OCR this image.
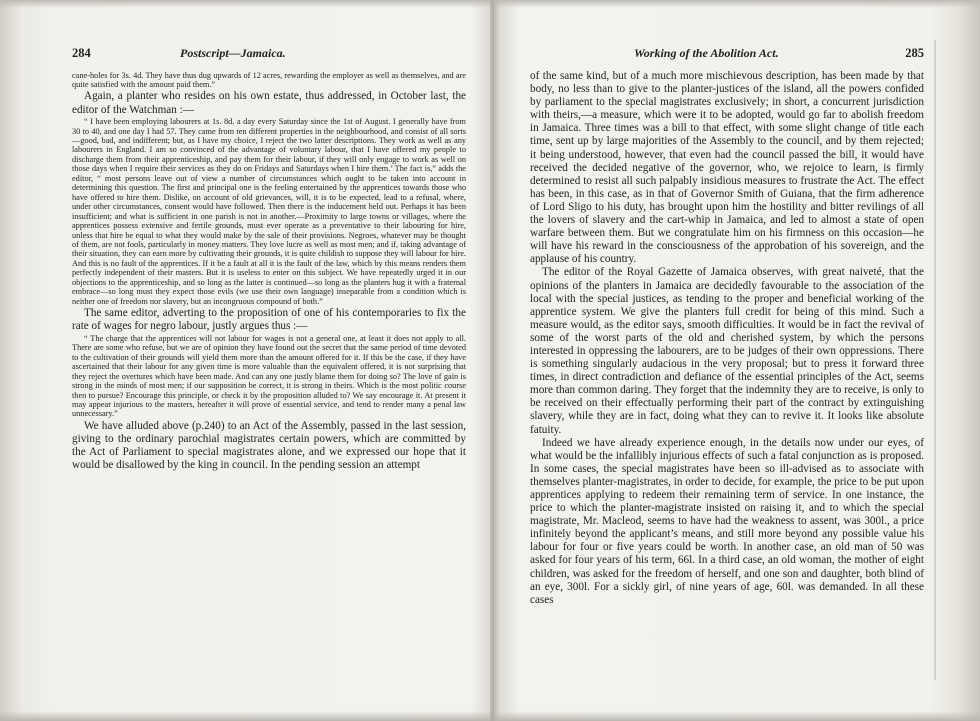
284	Postscript—Jamaica.	Working of the Abolition Act.	285

cane-holes for 3s. 4d. They have thus dug upwards of 12 acres, rewarding the employer as well as themselves, and are quite satisfied with the amount paid them.”

Again, a planter who resides on his own estate, thus addressed, in October last, the editor of the Watchman :—

“ I have been employing labourers at 1s. 8d. a day every Saturday since the 1st of August. I generally have from 30 to 40, and one day I had 57. They came from ten different properties in the neighbourhood, and consist of all sorts—good, bad, and indifferent; but, as I have my choice, I reject the two latter descriptions. They work as well as any labourers in England. I am so convinced of the advantage of voluntary labour, that I have offered my people to discharge them from their apprenticeship, and pay them for their labour, if they will only engage to work as well on those days when I require their services as they do on Fridays and Saturdays when I hire them.’ The fact is,” adds the editor, “ most persons leave out of view a number of circumstances which ought to be taken into account in determining this question. The first and principal one is the feeling entertained by the apprentices towards those who have offered to hire them. Dislike, on account of old grievances, will, it is to be expected, lead to a refusal, where, under other circumstances, consent would have followed. Then there is the inducement held out. Perhaps it has been insufficient; and what is sufficient in one parish is not in another.—Proximity to large towns or villages, where the apprentices possess extensive and fertile grounds, must ever operate as a preventative to their labouring for hire, unless that hire be equal to what they would make by the sale of their provisions. Negroes, whatever may be thought of them, are not fools, particularly in money matters. They love lucre as well as most men; and if, taking advantage of their situation, they can earn more by cultivating their grounds, it is quite childish to suppose they will labour for hire. And this is no fault of the apprentices. If it be a fault at all it is the fault of the law, which by this means renders them perfectly independent of their masters. But it is useless to enter on this subject. We have repeatedly urged it in our objections to the apprenticeship, and so long as the latter is continued—so long as the planters hug it with a fraternal embrace—so long must they expect those evils (we use their own language) inseparable from a condition which is neither one of freedom nor slavery, but an incongruous compound of both.”

The same editor, adverting to the proposition of one of his contemporaries to fix the rate of wages for negro labour, justly argues thus :—

“ The charge that the apprentices will not labour for wages is not a general one, at least it does not apply to all. There are some who refuse, but we are of opinion they have found out the secret that the same period of time devoted to the cultivation of their grounds will yield them more than the amount offered for it. If this be the case, if they have ascertained that their labour for any given time is more valuable than the equivalent offered, it is not surprising that they reject the overtures which have been made. And can any one justly blame them for doing so? The love of gain is strong in the minds of most men; if our supposition be correct, it is strong in theirs. Which is the most politic course then to pursue? Encourage this principle, or check it by the proposition alluded to? We say encourage it. At present it may appear injurious to the masters, hereafter it will prove of essential service, and tend to render many a penal law unnecessary.”

We have alluded above (p.240) to an Act of the Assembly, passed in the last session, giving to the ordinary parochial magistrates certain powers, which are committed by the Act of Parliament to special magistrates alone, and we expressed our hope that it would be disallowed by the king in council. In the pending session an attempt

of the same kind, but of a much more mischievous description, has been made by that body, no less than to give to the planter-justices of the island, all the powers confided by parliament to the special magistrates exclusively; in short, a concurrent jurisdiction with theirs,—a measure, which were it to be adopted, would go far to abolish freedom in Jamaica. Three times was a bill to that effect, with some slight change of title each time, sent up by large majorities of the Assembly to the council, and by them rejected; it being understood, however, that even had the council passed the bill, it would have received the decided negative of the governor, who, we rejoice to learn, is firmly determined to resist all such palpably insidious measures to frustrate the Act. The effect has been, in this case, as in that of Governor Smith of Guiana, that the firm adherence of Lord Sligo to his duty, has brought upon him the hostility and bitter revilings of all the lovers of slavery and the cart-whip in Jamaica, and led to almost a state of open warfare between them. But we congratulate him on his firmness on this occasion—he will have his reward in the consciousness of the approbation of his sovereign, and the applause of his country.

The editor of the Royal Gazette of Jamaica observes, with great naiveté, that the opinions of the planters in Jamaica are decidedly favourable to the association of the local with the special justices, as tending to the proper and beneficial working of the apprentice system. We give the planters full credit for being of this mind. Such a measure would, as the editor says, smooth difficulties. It would be in fact the revival of some of the worst parts of the old and cherished system, by which the persons interested in oppressing the labourers, are to be judges of their own oppressions. There is something singularly audacious in the very proposal; but to press it forward three times, in direct contradiction and defiance of the essential principles of the Act, seems more than common daring. They forget that the indemnity they are to receive, is only to be received on their effectually performing their part of the contract by extinguishing slavery, while they are in fact, doing what they can to revive it. It looks like absolute fatuity.

Indeed we have already experience enough, in the details now under our eyes, of what would be the infallibly injurious effects of such a fatal conjunction as is proposed. In some cases, the special magistrates have been so ill-advised as to associate with themselves planter-magistrates, in order to decide, for example, the price to be put upon apprentices applying to redeem their remaining term of service. In one instance, the price to which the planter-magistrate insisted on raising it, and to which the special magistrate, Mr. Macleod, seems to have had the weakness to assent, was 300l., a price infinitely beyond the applicant’s means, and still more beyond any possible value his labour for four or five years could be worth. In another case, an old man of 50 was asked for four years of his term, 66l. In a third case, an old woman, the mother of eight children, was asked for the freedom of herself, and one son and daughter, both blind of an eye, 300l. For a sickly girl, of nine years of age, 60l. was demanded. In all these cases
